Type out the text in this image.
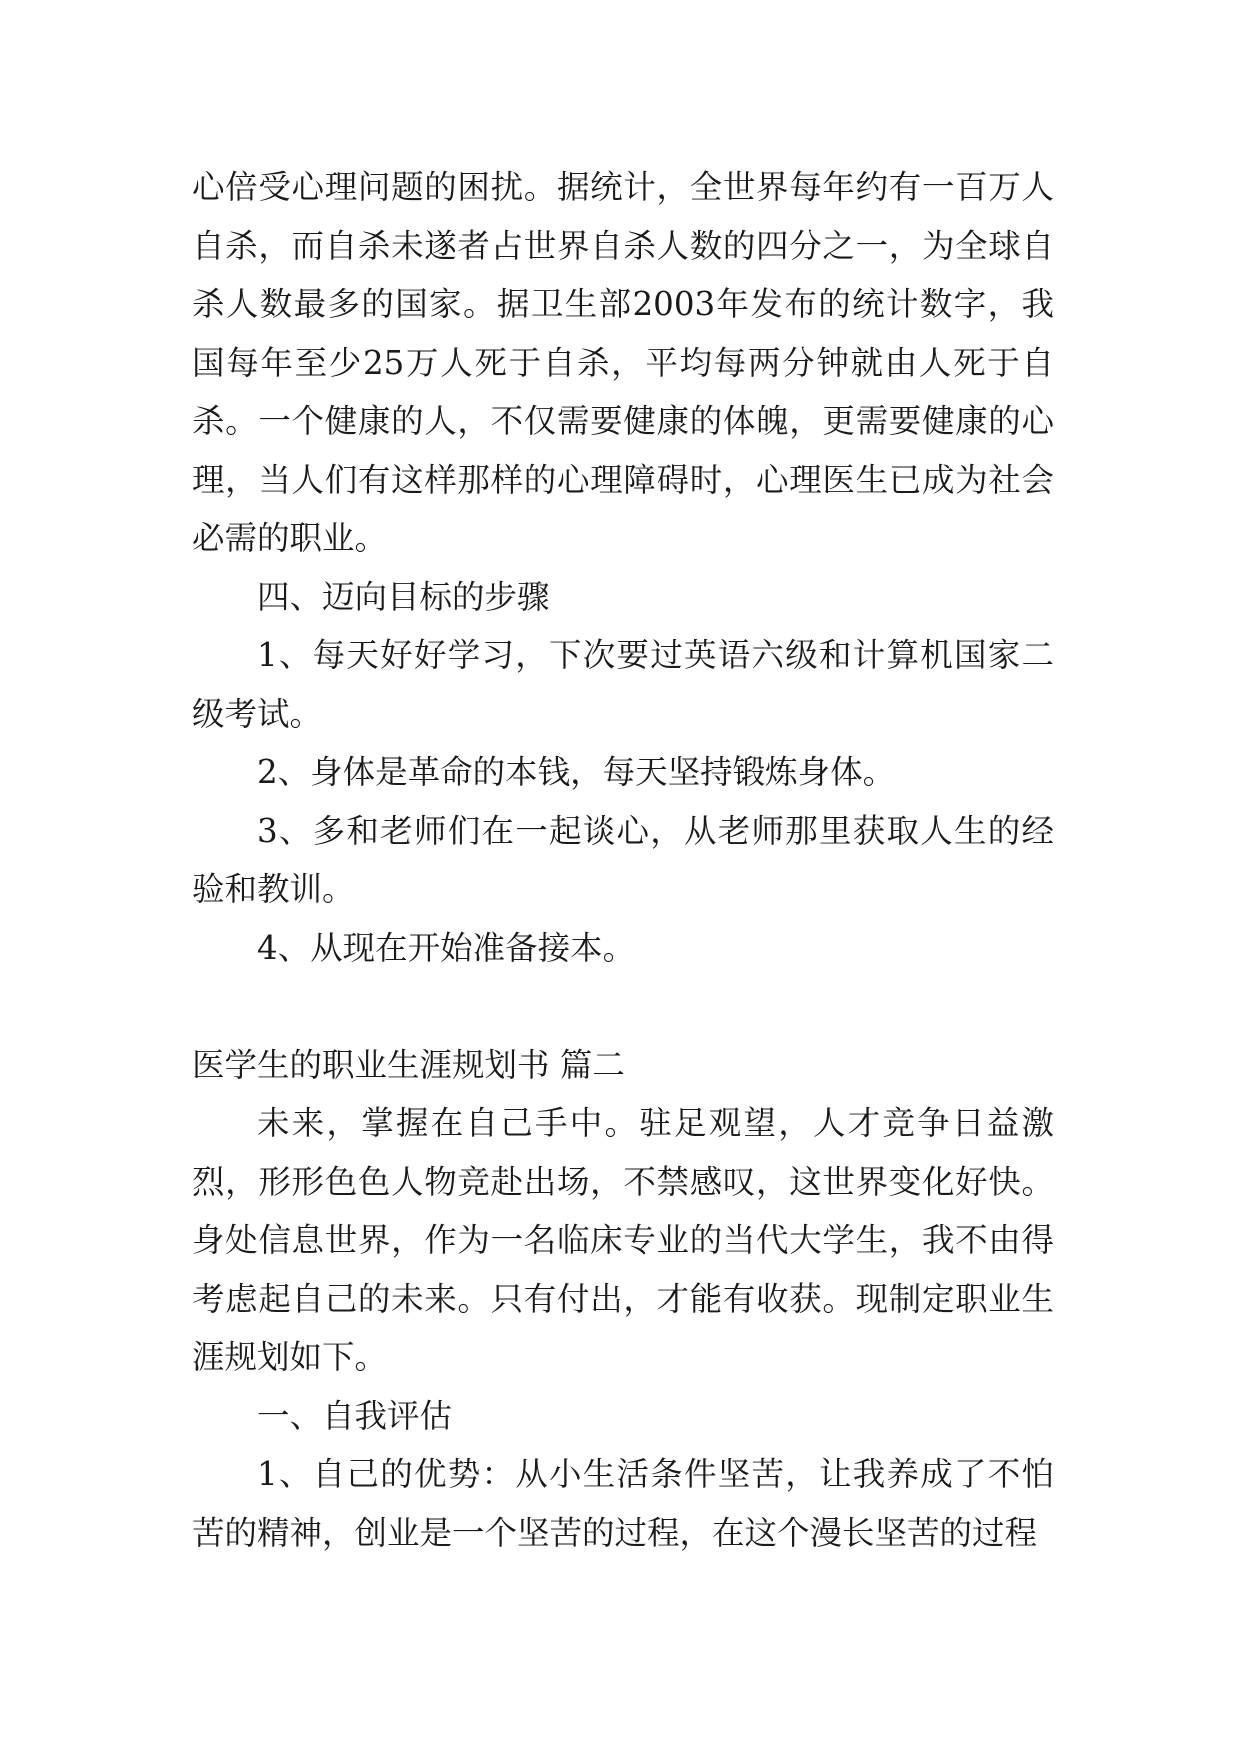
心倍受心理问题的困扰。据统计，全世界每年约有一百万人自杀，而自杀未遂者占世界自杀人数的四分之一，为全球自杀人数最多的国家。据卫生部2003年发布的统计数字，我国每年至少25万人死于自杀，平均每两分钟就由人死于自杀。一个健康的人，不仅需要健康的体魄，更需要健康的心理，当人们有这样那样的心理障碍时，心理医生已成为社会必需的职业。

四、迈向目标的步骤

1、每天好好学习，下次要过英语六级和计算机国家二级考试。

2、身体是革命的本钱，每天坚持锻炼身体。

3、多和老师们在一起谈心，从老师那里获取人生的经验和教训。

4、从现在开始准备接本。

医学生的职业生涯规划书 篇二

未来，掌握在自己手中。驻足观望，人才竞争日益激烈，形形色色人物竞赴出场，不禁感叹，这世界变化好快。身处信息世界，作为一名临床专业的当代大学生，我不由得考虑起自己的未来。只有付出，才能有收获。现制定职业生涯规划如下。

一、自我评估

1、自己的优势：从小生活条件坚苦，让我养成了不怕苦的精神，创业是一个坚苦的过程，在这个漫长坚苦的过程
